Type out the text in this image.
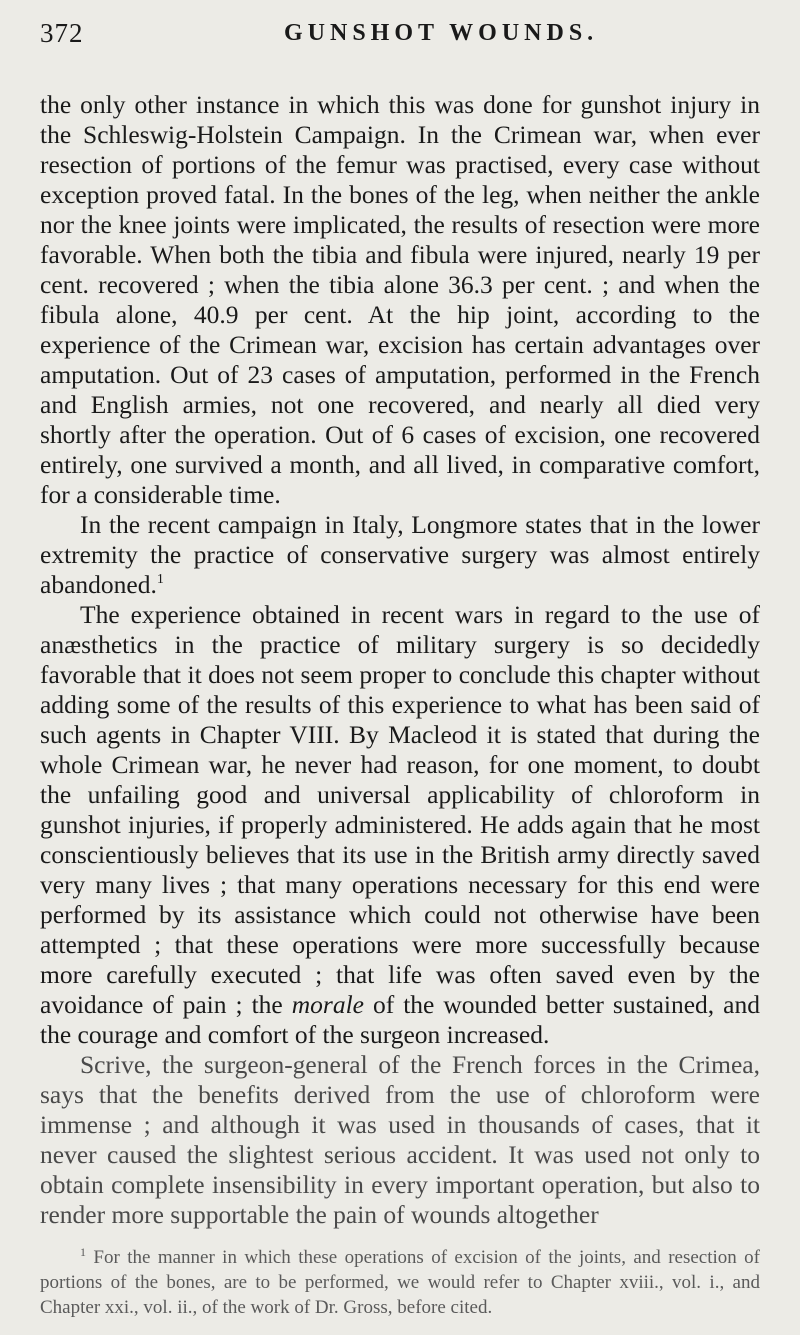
372	GUNSHOT WOUNDS.

the only other instance in which this was done for gunshot injury in the Schleswig-Holstein Campaign. In the Crimean war, when ever resection of portions of the femur was practised, every case without exception proved fatal. In the bones of the leg, when neither the ankle nor the knee joints were implicated, the results of resection were more favorable. When both the tibia and fibula were injured, nearly 19 per cent. recovered ; when the tibia alone 36.3 per cent. ; and when the fibula alone, 40.9 per cent. At the hip joint, according to the experience of the Crimean war, excision has certain advantages over amputation. Out of 23 cases of amputation, performed in the French and English armies, not one recovered, and nearly all died very shortly after the operation. Out of 6 cases of excision, one recovered entirely, one survived a month, and all lived, in comparative comfort, for a considerable time.

In the recent campaign in Italy, Longmore states that in the lower extremity the practice of conservative surgery was almost entirely abandoned.$^1$

The experience obtained in recent wars in regard to the use of anæsthetics in the practice of military surgery is so decidedly favorable that it does not seem proper to conclude this chapter without adding some of the results of this experience to what has been said of such agents in Chapter VIII. By Macleod it is stated that during the whole Crimean war, he never had reason, for one moment, to doubt the unfailing good and universal applicability of chloroform in gunshot injuries, if properly administered. He adds again that he most conscientiously believes that its use in the British army directly saved very many lives ; that many operations necessary for this end were performed by its assistance which could not otherwise have been attempted ; that these operations were more successfully because more carefully executed ; that life was often saved even by the avoidance of pain ; the morale of the wounded better sustained, and the courage and comfort of the surgeon increased.

Scrive, the surgeon-general of the French forces in the Crimea, says that the benefits derived from the use of chloroform were immense ; and although it was used in thousands of cases, that it never caused the slightest serious accident. It was used not only to obtain complete insensibility in every important operation, but also to render more supportable the pain of wounds altogether

$^1$ For the manner in which these operations of excision of the joints, and resection of portions of the bones, are to be performed, we would refer to Chapter xviii., vol. i., and Chapter xxi., vol. ii., of the work of Dr. Gross, before cited.
